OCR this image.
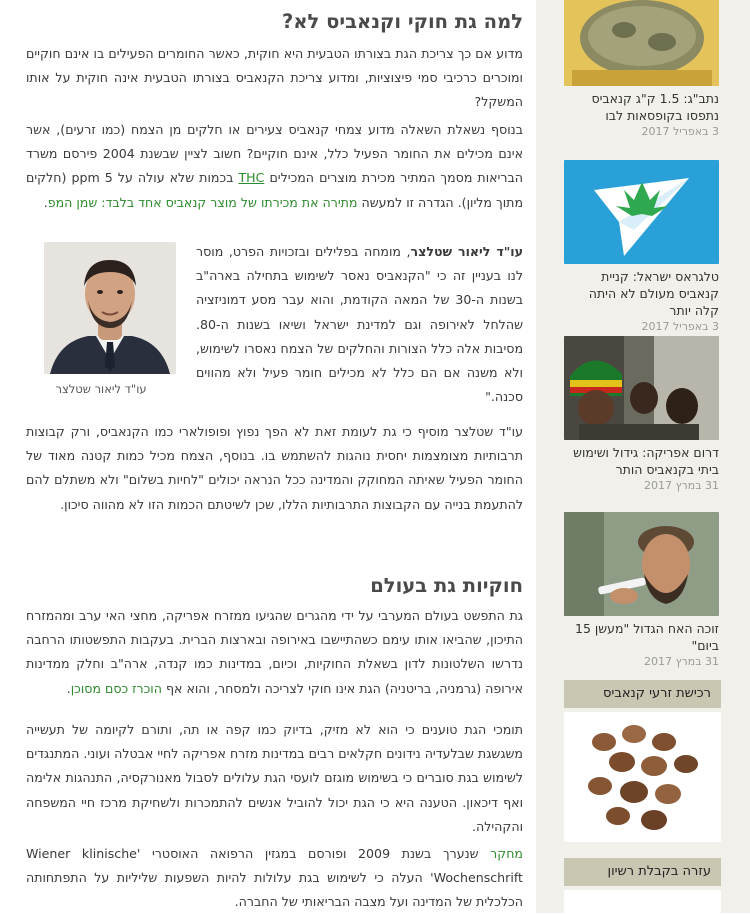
למה גת חוקי וקנאביס לא?

מדוע אם כך צריכת הגת בצורתו הטבעית היא חוקית, כאשר החומרים הפעילים בו אינם חוקיים ומוכרים כרכיבי סמי פיצוציות, ומדוע צריכת הקנאביס בצורתו הטבעית אינה חוקית על אותו המשקל?

בנוסף נשאלת השאלה מדוע צמחי קנאביס צעירים או חלקים מן הצמח (כמו זרעים), אשר אינם מכילים את החומר הפעיל כלל, אינם חוקיים? חשוב לציין שבשנת 2004 פירסם משרד הבריאות מסמך המתיר מכירת מוצרים המכילים THC בכמות שלא עולה על 5 ppm (חלקים מתוך מליון). הגדרה זו למעשה מתירה את מכירתו של מוצר קנאביס אחד בלבד: שמן המפ.

עו"ד ליאור שטלצר, מומחה בפלילים ובזכויות הפרט, מוסר לנו בעניין זה כי "הקנאביס נאסר לשימוש בתחילה בארה"ב בשנות ה-30 של המאה הקודמת, והוא עבר מסע דמוניזציה שהלחל לאירופה וגם למדינת ישראל ושיאו בשנות ה-80. מסיבות אלה כלל הצורות והחלקים של הצמח נאסרו לשימוש, ולא משנה אם הם כלל לא מכילים חומר פעיל ולא מהווים סכנה."

עו"ד ליאור שטלצר

עו"ד שטלצר מוסיף כי גת לעומת זאת לא הפך נפוץ ופופולארי כמו הקנאביס, ורק קבוצות תרבותיות מצומצמות יחסית נוהגות להשתמש בו. בנוסף, הצמח מכיל כמות קטנה מאוד של החומר הפעיל שאיתה המחוקק והמדינה ככל הנראה יכולים "לחיות בשלום" ולא משתלם להם להתעמת בנייה עם הקבוצות התרבותיות הללו, שכן לשיטתם הכמות הזו לא מהווה סיכון.

חוקיות גת בעולם

גת התפשט בעולם המערבי על ידי מהגרים שהגיעו ממזרח אפריקה, מחצי האי ערב ומהמזרח התיכון, שהביאו אותו עימם כשהתיישבו באירופה ובארצות הברית. בעקבות התפשטותו הרחבה נדרשו השלטונות לדון בשאלת החוקיות, וכיום, במדינות כמו קנדה, ארה"ב וחלק ממדינות אירופה (גרמניה, בריטניה) הגת אינו חוקי לצריכה ולמסחר, והוא אף הוכרז כסם מסוכן.

תומכי הגת טוענים כי הוא לא מזיק, בדיוק כמו קפה או תה, ותורם לקיומה של תעשייה משגשגת שבלעדיה נידונים חקלאים רבים במדינות מזרח אפריקה לחיי אבטלה ועוני. המתנגדים לשימוש בגת סוברים כי בשימוש מוגזם לועסי הגת עלולים לסבול מאנורקסיה, התנהגות אלימה ואף דיכאון. הטענה היא כי הגת יכול להוביל אנשים להתמכרות ולשחיקת מרכז חיי המשפחה והקהילה.

מחקר שנערך בשנת 2009 ופורסם במגזין הרפואה האוסטרי 'Wiener klinische Wochenschrift' העלה כי לשימוש בגת עלולות להיות השפעות שליליות על התפתחותה הכלכלית של המדינה ועל מצבה הבריאותי של החברה.

נתב"ג: 1.5 ק"ג קנאביס נתפסו בקופסאות לבו
3 באפריל 2017
טלגראס ישראל: קניית קנאביס מעולם לא היתה קלה יותר
3 באפריל 2017
דרום אפריקה: גידול ושימוש ביתי בקנאביס הותר
31 במרץ 2017
זוכה האח הגדול "מעשן 15 ביום"
31 במרץ 2017
רכישת זרעי קנאביס
עזרה בקבלת רשיון
